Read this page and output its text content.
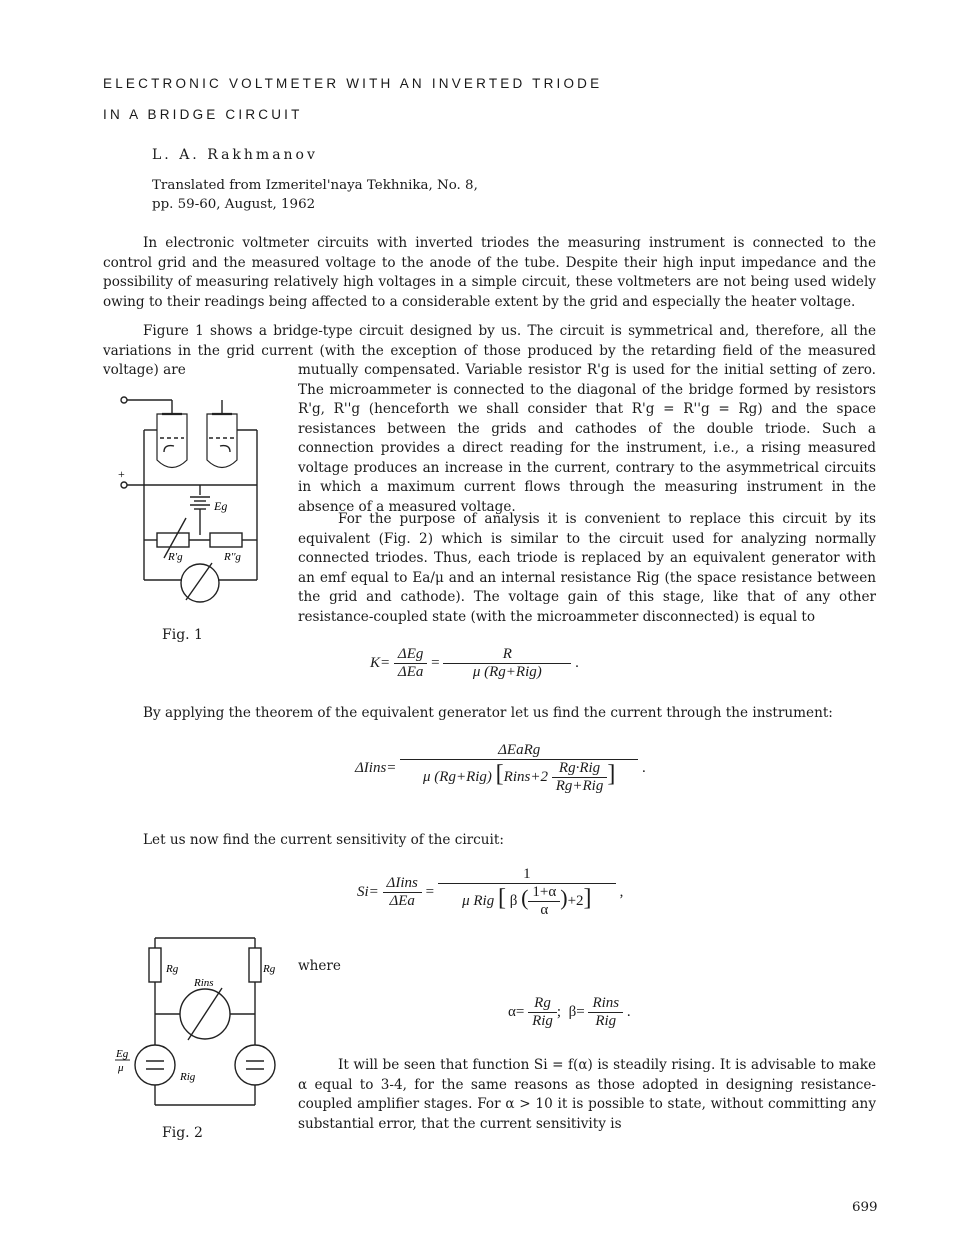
ELECTRONIC VOLTMETER WITH AN INVERTED TRIODE
IN A BRIDGE CIRCUIT
L. A. Rakhmanov
Translated from Izmeritel'naya Tekhnika, No. 8,
pp. 59-60, August, 1962
In electronic voltmeter circuits with inverted triodes the measuring instrument is connected to the control grid and the measured voltage to the anode of the tube. Despite their high input impedance and the possibility of measuring relatively high voltages in a simple circuit, these voltmeters are not being used widely owing to their readings being affected to a considerable extent by the grid and especially the heater voltage.
Figure 1 shows a bridge-type circuit designed by us. The circuit is symmetrical and, therefore, all the variations in the grid current (with the exception of those produced by the retarding field of the measured voltage) are	mutually compensated. Variable resistor R'g is used for the initial setting of zero. The microammeter is connected to the diagonal of the bridge formed by resistors R'g, R''g (henceforth we shall consider that R'g = R''g = Rg) and the space resistances between the grids and cathodes of the double triode. Such a connection provides a direct reading for the instrument, i.e., a rising measured voltage produces an increase in the current, contrary to the asymmetrical circuits in which a maximum current flows through the measuring instrument in the absence of a measured voltage.
+
Eg
R'g	R''g
Fig. 1
For the purpose of analysis it is convenient to replace this circuit by its equivalent (Fig. 2) which is similar to the circuit used for analyzing normally connected triodes. Thus, each triode is replaced by an equivalent generator with an emf equal to Ea/μ and an internal resistance Rig (the space resistance between the grid and cathode). The voltage gain of this stage, like that of any other resistance-coupled state (with the microammeter disconnected) is equal to
$K= \frac{\text{ΔEg}}{\text{ΔEa}} = \frac{R}{\text{μ (Rg+Rig)}}$ .
By applying the theorem of the equivalent generator let us find the current through the instrument:
ΔIins= $\frac{\text{ΔEaRg}}{\mu (Rg+Rig) [Rins+2 \frac{\text{Rg·Rig}}{\text{Rg+Rig}} ]}$ .
Let us now find the current sensitivity of the circuit:
$Si= \frac{\text{ΔIins}}{\text{ΔEa}} = \frac{1}{\mu Rig [ \beta ( \frac{1+\alpha}{\alpha} )+2]}$ ,
Rg	Rg
Rins
Eg
μ
Rig
Fig. 2
where
$\alpha= \frac{Rg}{\text{Rig}}$ ;  $\beta= \frac{\text{Rins}}{\text{Rig}}$ .
It will be seen that function Si = f(α) is steadily rising. It is advisable to make α equal to 3-4, for the same reasons as those adopted in designing resistance-coupled amplifier stages. For α > 10 it is possible to state, without committing any substantial error, that the current sensitivity is
699
